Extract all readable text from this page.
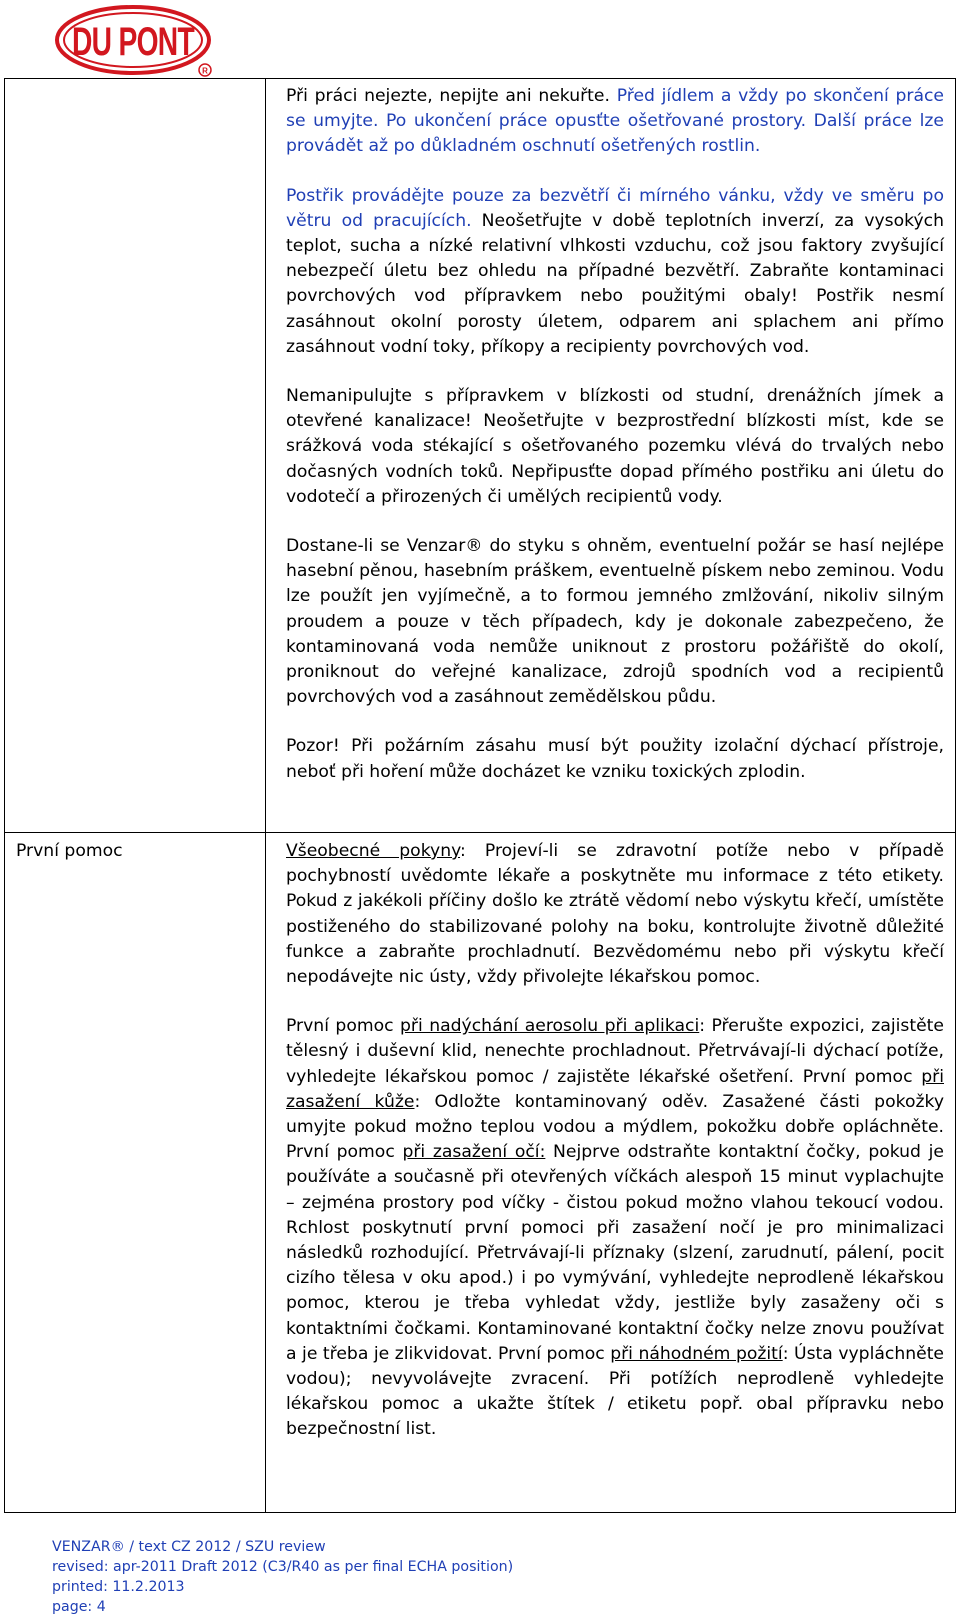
DU PONT
R

Při práci nejezte, nepijte ani nekuřte. Před jídlem a vždy po skončení práce se umyjte. Po ukončení práce opusťte ošetřované prostory. Další práce lze provádět až po důkladném oschnutí ošetřených rostlin.

Postřik provádějte pouze za bezvětří či mírného vánku, vždy ve směru po větru od pracujících. Neošetřujte v době teplotních inverzí, za vysokých teplot, sucha a nízké relativní vlhkosti vzduchu, což jsou faktory zvyšující nebezpečí úletu bez ohledu na případné bezvětří. Zabraňte kontaminaci povrchových vod přípravkem nebo použitými obaly! Postřik nesmí zasáhnout okolní porosty úletem, odparem ani splachem ani přímo zasáhnout vodní toky, příkopy a recipienty povrchových vod.

Nemanipulujte s přípravkem v blízkosti od studní, drenážních jímek a otevřené kanalizace! Neošetřujte v bezprostřední blízkosti míst, kde se srážková voda stékající s ošetřovaného pozemku vlévá do trvalých nebo dočasných vodních toků. Nepřipusťte dopad přímého postřiku ani úletu do vodotečí a přirozených či umělých recipientů vody.

Dostane-li se Venzar® do styku s ohněm, eventuelní požár se hasí nejlépe hasební pěnou, hasebním práškem, eventuelně pískem nebo zeminou. Vodu lze použít jen vyjímečně, a to formou jemného zmlžování, nikoliv silným proudem a pouze v těch případech, kdy je dokonale zabezpečeno, že kontaminovaná voda nemůže uniknout z prostoru požářiště do okolí, proniknout do veřejné kanalizace, zdrojů spodních vod a recipientů povrchových vod a zasáhnout zemědělskou půdu.

Pozor! Při požárním zásahu musí být použity izolační dýchací přístroje, neboť při hoření může docházet ke vzniku toxických zplodin.

První pomoc	Všeobecné pokyny: Projeví-li se zdravotní potíže nebo v případě pochybností uvědomte lékaře a poskytněte mu informace z této etikety. Pokud z jakékoli příčiny došlo ke ztrátě vědomí nebo výskytu křečí, umístěte postiženého do stabilizované polohy na boku, kontrolujte životně důležité funkce a zabraňte prochladnutí. Bezvědomému nebo při výskytu křečí nepodávejte nic ústy, vždy přivolejte lékařskou pomoc.

První pomoc při nadýchání aerosolu při aplikaci: Přerušte expozici, zajistěte tělesný i duševní klid, nenechte prochladnout. Přetrvávají-li dýchací potíže, vyhledejte lékařskou pomoc / zajistěte lékařské ošetření. První pomoc při zasažení kůže: Odložte kontaminovaný oděv. Zasažené části pokožky umyjte pokud možno teplou vodou a mýdlem, pokožku dobře opláchněte. První pomoc při zasažení očí: Nejprve odstraňte kontaktní čočky, pokud je používáte a současně při otevřených víčkách alespoň 15 minut vyplachujte – zejména prostory pod víčky - čistou pokud možno vlahou tekoucí vodou. Rchlost poskytnutí první pomoci při zasažení nočí je pro minimalizaci následků rozhodující. Přetrvávají-li příznaky (slzení, zarudnutí, pálení, pocit cizího tělesa v oku apod.) i po vymývání, vyhledejte neprodleně lékařskou pomoc, kterou je třeba vyhledat vždy, jestliže byly zasaženy oči s kontaktními čočkami. Kontaminované kontaktní čočky nelze znovu používat a je třeba je zlikvidovat. První pomoc při náhodném požití: Ústa vypláchněte vodou); nevyvolávejte zvracení. Při potížích neprodleně vyhledejte lékařskou pomoc a ukažte štítek / etiketu popř. obal přípravku nebo bezpečnostní list.

VENZAR® / text CZ 2012 / SZU review
revised: apr-2011 Draft 2012 (C3/R40 as per final ECHA position)
printed: 11.2.2013
page: 4
